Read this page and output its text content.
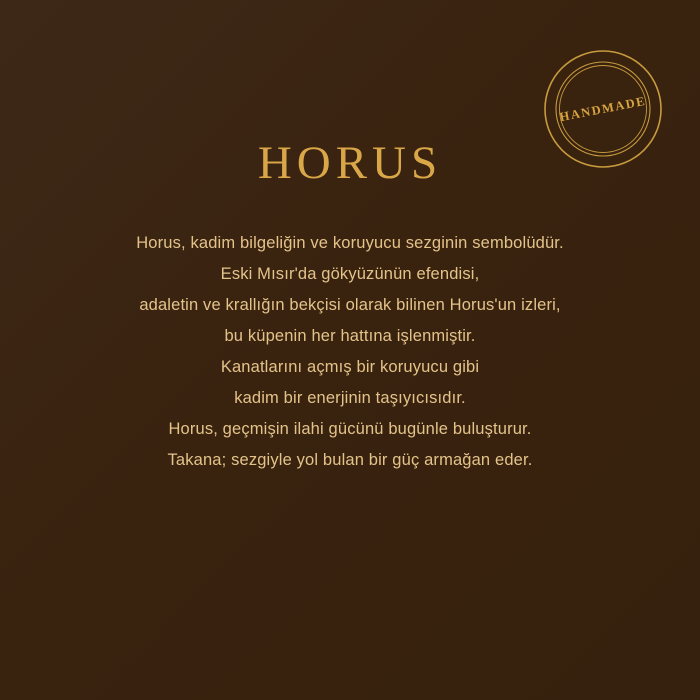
HANDMADE
HORUS

Horus, kadim bilgeliğin ve koruyucu sezginin sembolüdür.

Eski Mısır'da gökyüzünün efendisi,

adaletin ve krallığın bekçisi olarak bilinen Horus'un izleri,

bu küpenin her hattına işlenmiştir.

Kanatlarını açmış bir koruyucu gibi

kadim bir enerjinin taşıyıcısıdır.

Horus, geçmişin ilahi gücünü bugünle buluşturur.

Takana; sezgiyle yol bulan bir güç armağan eder.
